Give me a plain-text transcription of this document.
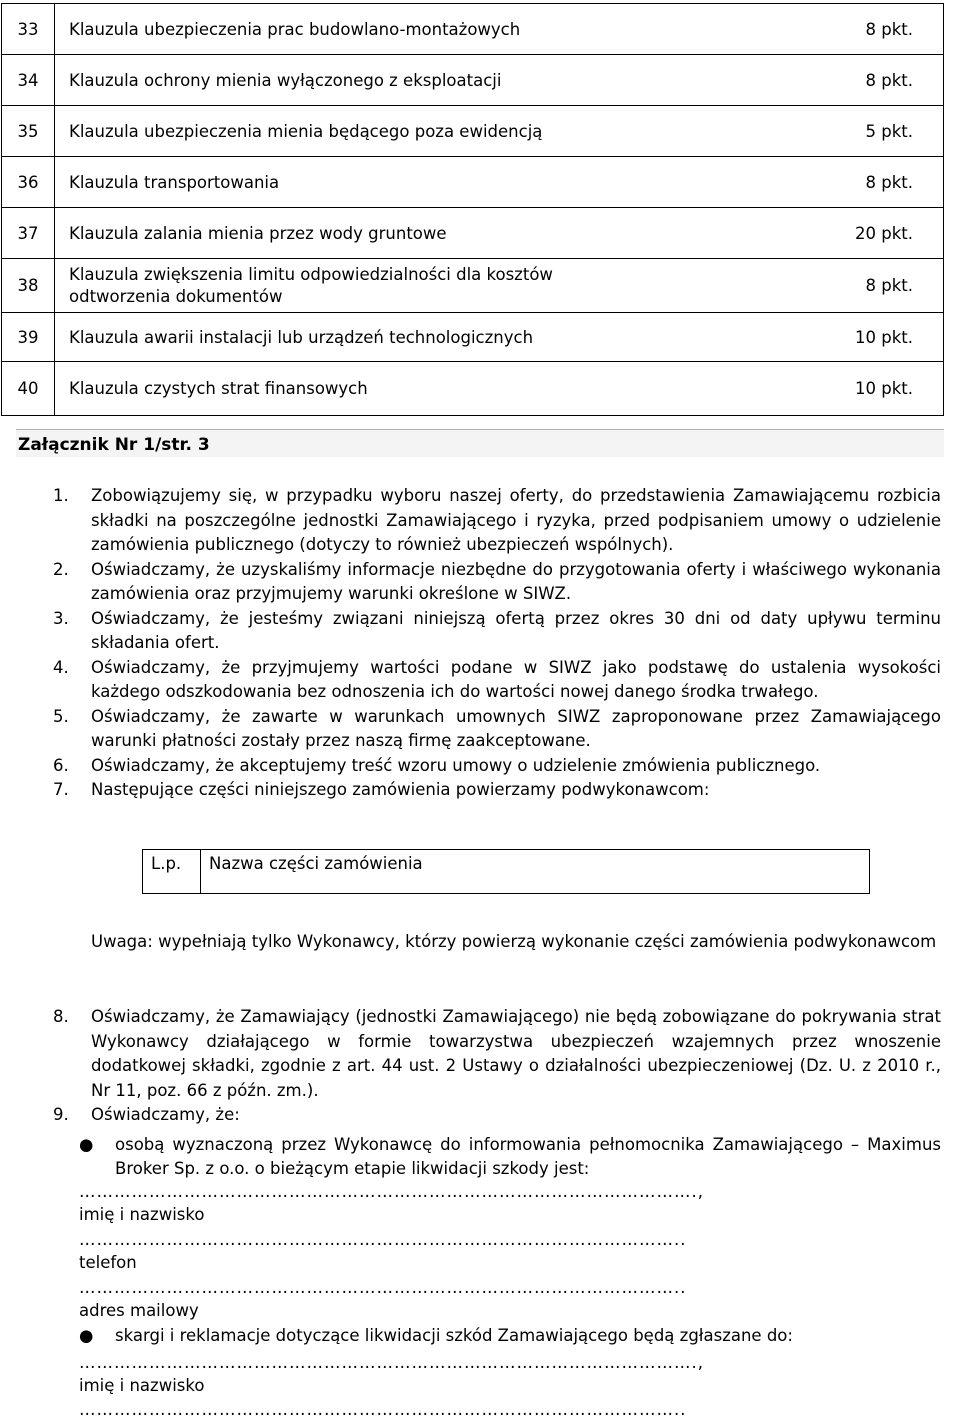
33	Klauzula ubezpieczenia prac budowlano-montażowych	8 pkt.
34	Klauzula ochrony mienia wyłączonego z eksploatacji	8 pkt.
35	Klauzula ubezpieczenia mienia będącego poza ewidencją	5 pkt.
36	Klauzula transportowania	8 pkt.
37	Klauzula zalania mienia przez wody gruntowe	20 pkt.
38	Klauzula zwiększenia limitu odpowiedzialności dla kosztów
odtworzenia dokumentów	8 pkt.
39	Klauzula awarii instalacji lub urządzeń technologicznych	10 pkt.
40	Klauzula czystych strat finansowych	10 pkt.
Załącznik Nr 1/str. 3
1. Zobowiązujemy się, w przypadku wyboru naszej oferty, do przedstawienia Zamawiającemu rozbicia składki na poszczególne jednostki Zamawiającego i ryzyka, przed podpisaniem umowy o udzielenie zamówienia publicznego (dotyczy to również ubezpieczeń wspólnych).
2. Oświadczamy, że uzyskaliśmy informacje niezbędne do przygotowania oferty i właściwego wykonania zamówienia oraz przyjmujemy warunki określone w SIWZ.
3. Oświadczamy, że jesteśmy związani niniejszą ofertą przez okres 30 dni od daty upływu terminu składania ofert.
4. Oświadczamy, że przyjmujemy wartości podane w SIWZ jako podstawę do ustalenia wysokości każdego odszkodowania bez odnoszenia ich do wartości nowej danego środka trwałego.
5. Oświadczamy, że zawarte w warunkach umownych SIWZ zaproponowane przez Zamawiającego warunki płatności zostały przez naszą firmę zaakceptowane.
6. Oświadczamy, że akceptujemy treść wzoru umowy o udzielenie zmówienia publicznego.
7. Następujące części niniejszego zamówienia powierzamy podwykonawcom:
L.p.	Nazwa części zamówienia
Uwaga: wypełniają tylko Wykonawcy, którzy powierzą wykonanie części zamówienia podwykonawcom
8. Oświadczamy, że Zamawiający (jednostki Zamawiającego) nie będą zobowiązane do pokrywania strat Wykonawcy działającego w formie towarzystwa ubezpieczeń wzajemnych przez wnoszenie dodatkowej składki, zgodnie z art. 44 ust. 2 Ustawy o działalności ubezpieczeniowej (Dz. U. z 2010 r., Nr 11, poz. 66 z późn. zm.).
9. Oświadczamy, że:
● osobą wyznaczoną przez Wykonawcę do informowania pełnomocnika Zamawiającego – Maximus Broker Sp. z o.o. o bieżącym etapie likwidacji szkody jest:
…………………………………………………………………………………………….,
imię i nazwisko
…………………………………………………………………………………………..
telefon
…………………………………………………………………………………………..
adres mailowy
● skargi i reklamacje dotyczące likwidacji szkód Zamawiającego będą zgłaszane do:
…………………………………………………………………………………………….,
imię i nazwisko
…………………………………………………………………………………………..
